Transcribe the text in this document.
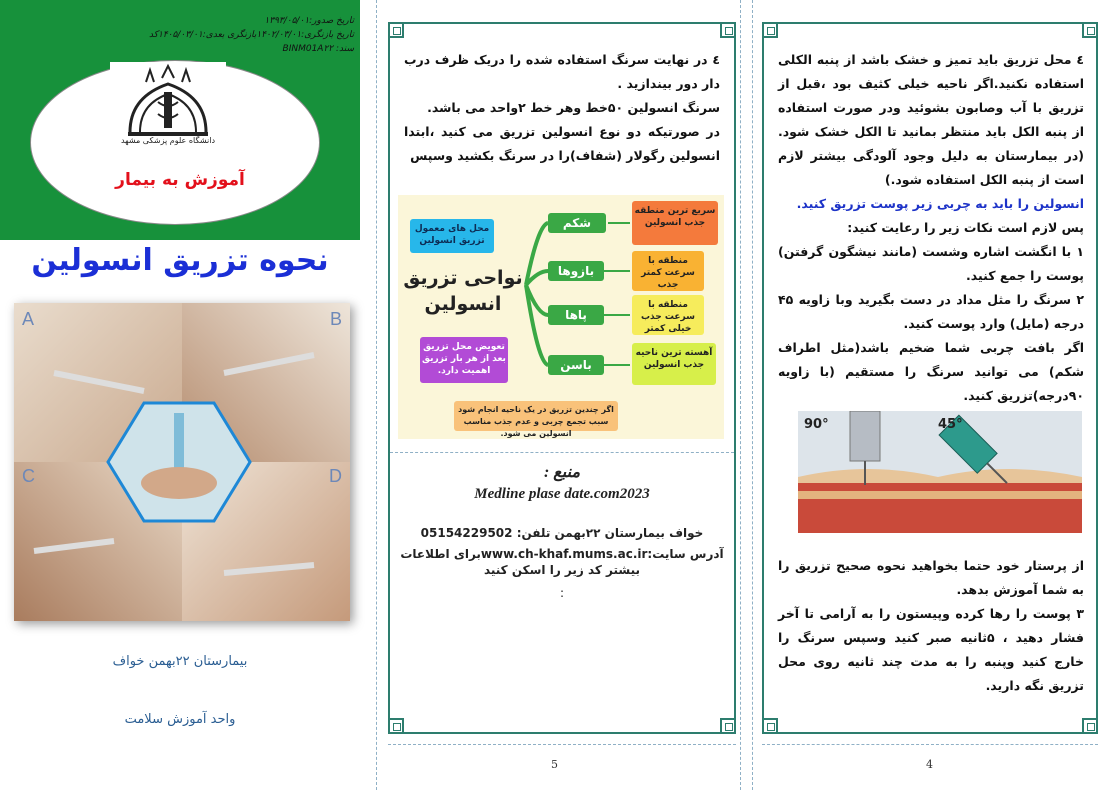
تاریخ صدور:۱۳۹۳/۰۵/۰۱
تاریخ بازنگری:۱۴۰۲/۰۳/۰۱بازنگری بعدی:۱۴۰۵/۰۳/۰۱کد
سند: BINM01A۲۲
دانشگاه علوم پزشکی مشهد
آموزش به بیمار
نحوه تزریق انسولین
A	B
C	D
بیمارستان ۲۲بهمن خواف
واحد آموزش سلامت
5

٤ در نهایت سرنگ استفاده شده را دریک ظرف درب دار دور بیندازید .

سرنگ انسولین ۵۰خط وهر خط ۲واحد می باشد.

در صورتیکه دو نوع انسولین تزریق می کنید ،ابتدا انسولین رگولار (شفاف)را در سرنگ بکشید وسپس

محل های معمول تزریق انسولین
نواحی تزریق انسولین
تعویض محل تزریق بعد از هر بار تزریق اهمیت دارد.
شکم
بازوها
پاها
باسن
سریع ترین منطقه جذب انسولین
منطقه با سرعت کمتر جذب
منطقه با سرعت جذب خیلی کمتر
آهسته ترین ناحیه جذب انسولین
اگر چندین تزریق در یک ناحیه انجام شود سبب تجمع چربی و عدم جذب مناسب انسولین می شود.
منبع :
Medline plase date.com2023
خواف بیمارستان ۲۲بهمن تلفن: 05154229502
آدرس سایت:www.ch-khaf.mums.ac.irبرای اطلاعات بیشتر کد زیر را اسکن کنید
:
4

٤ محل تزریق باید تمیز و خشک باشد از پنبه الکلی استفاده نکنید.اگر ناحیه خیلی کثیف بود ،قبل از تزریق با آب وصابون بشوئید ودر صورت استفاده از پنبه الکل باید منتظر بمانید تا الکل خشک شود.(در بیمارستان به دلیل وجود آلودگی بیشتر لازم است از پنبه الکل استفاده شود.)

انسولین را باید به چربی زیر پوست تزریق کنید.

پس لازم است نکات زیر را رعایت کنید:

١ با انگشت اشاره وشست (مانند نیشگون گرفتن) پوست را جمع کنید.

٢ سرنگ را مثل مداد در دست بگیرید وبا زاویه ۴۵ درجه (مایل) وارد پوست کنید.

اگر بافت چربی شما ضخیم باشد(مثل اطراف شکم) می توانید سرنگ را مستقیم (با زاویه ۹۰درجه)تزریق کنید.

90°	45°

از پرستار خود حتما بخواهید نحوه صحیح تزریق را به شما آموزش بدهد.

٣ پوست را رها کرده وپیستون را به آرامی تا آخر فشار دهید ، ۵ثانیه صبر کنید وسپس سرنگ را خارج کنید وپنبه را به مدت چند ثانیه روی محل تزریق نگه دارید.
